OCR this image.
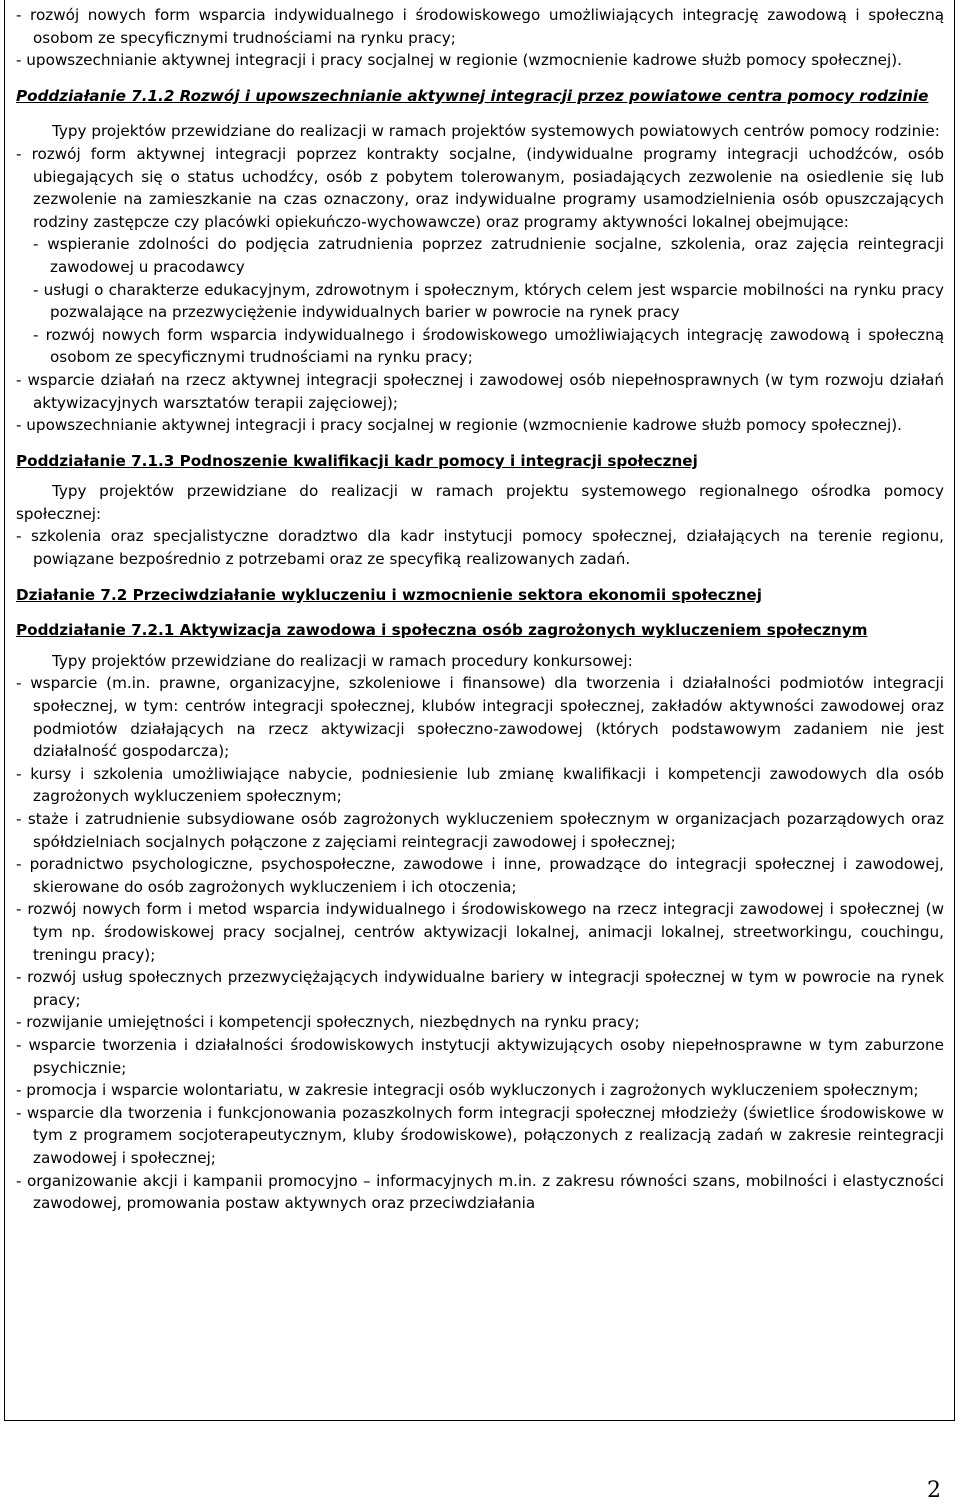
- rozwój nowych form wsparcia indywidualnego i środowiskowego umożliwiających integrację zawodową i społeczną osobom ze specyficznymi trudnościami na rynku pracy;

- upowszechnianie aktywnej integracji i pracy socjalnej w regionie (wzmocnienie kadrowe służb pomocy społecznej).

Poddziałanie 7.1.2 Rozwój i upowszechnianie aktywnej integracji przez powiatowe centra pomocy rodzinie

Typy projektów przewidziane do realizacji w ramach projektów systemowych powiatowych centrów pomocy rodzinie:

- rozwój form aktywnej integracji poprzez kontrakty socjalne, (indywidualne programy integracji uchodźców, osób ubiegających się o status uchodźcy, osób z pobytem tolerowanym, posiadających zezwolenie na osiedlenie się lub zezwolenie na zamieszkanie na czas oznaczony, oraz indywidualne programy usamodzielnienia osób opuszczających rodziny zastępcze czy placówki opiekuńczo-wychowawcze) oraz programy aktywności lokalnej obejmujące:

- wspieranie zdolności do podjęcia zatrudnienia poprzez zatrudnienie socjalne, szkolenia, oraz zajęcia reintegracji zawodowej u pracodawcy

- usługi o charakterze edukacyjnym, zdrowotnym i społecznym, których celem jest wsparcie mobilności na rynku pracy pozwalające na przezwyciężenie indywidualnych barier w powrocie na rynek pracy

- rozwój nowych form wsparcia indywidualnego i środowiskowego umożliwiających integrację zawodową i społeczną osobom ze specyficznymi trudnościami na rynku pracy;

- wsparcie działań na rzecz aktywnej integracji społecznej i zawodowej osób niepełnosprawnych (w tym rozwoju działań aktywizacyjnych warsztatów terapii zajęciowej);

- upowszechnianie aktywnej integracji i pracy socjalnej w regionie (wzmocnienie kadrowe służb pomocy społecznej).

Poddziałanie 7.1.3 Podnoszenie kwalifikacji kadr pomocy i integracji społecznej

Typy projektów przewidziane do realizacji w ramach projektu systemowego regionalnego ośrodka pomocy społecznej:

- szkolenia oraz specjalistyczne doradztwo dla kadr instytucji pomocy społecznej, działających na terenie regionu, powiązane bezpośrednio z potrzebami oraz ze specyfiką realizowanych zadań.

Działanie 7.2 Przeciwdziałanie wykluczeniu i wzmocnienie sektora ekonomii społecznej

Poddziałanie 7.2.1 Aktywizacja zawodowa i społeczna osób zagrożonych wykluczeniem społecznym

Typy projektów przewidziane do realizacji w ramach procedury konkursowej:

- wsparcie (m.in. prawne, organizacyjne, szkoleniowe i finansowe) dla tworzenia i działalności podmiotów integracji społecznej, w tym: centrów integracji społecznej, klubów integracji społecznej, zakładów aktywności zawodowej oraz podmiotów działających na rzecz aktywizacji społeczno-zawodowej (których podstawowym zadaniem nie jest działalność gospodarcza);

- kursy i szkolenia umożliwiające nabycie, podniesienie lub zmianę kwalifikacji i kompetencji zawodowych dla osób zagrożonych wykluczeniem społecznym;

- staże i zatrudnienie subsydiowane osób zagrożonych wykluczeniem społecznym w organizacjach pozarządowych oraz spółdzielniach socjalnych połączone z zajęciami reintegracji zawodowej i społecznej;

- poradnictwo psychologiczne, psychospołeczne, zawodowe i inne, prowadzące do integracji społecznej i zawodowej, skierowane do osób zagrożonych wykluczeniem i ich otoczenia;

- rozwój nowych form i metod wsparcia indywidualnego i środowiskowego na rzecz integracji zawodowej i społecznej (w tym np. środowiskowej pracy socjalnej, centrów aktywizacji lokalnej, animacji lokalnej, streetworkingu, couchingu, treningu pracy);

- rozwój usług społecznych przezwyciężających indywidualne bariery w integracji społecznej w tym w powrocie na rynek pracy;

- rozwijanie umiejętności i kompetencji społecznych, niezbędnych na rynku pracy;

- wsparcie tworzenia i działalności środowiskowych instytucji aktywizujących osoby niepełnosprawne w tym zaburzone psychicznie;

- promocja i wsparcie wolontariatu, w zakresie integracji osób wykluczonych i zagrożonych wykluczeniem społecznym;

- wsparcie dla tworzenia i funkcjonowania pozaszkolnych form integracji społecznej młodzieży (świetlice środowiskowe w tym z programem socjoterapeutycznym, kluby środowiskowe), połączonych z realizacją zadań w zakresie reintegracji zawodowej i społecznej;

- organizowanie akcji i kampanii promocyjno – informacyjnych m.in. z zakresu równości szans, mobilności i elastyczności zawodowej, promowania postaw aktywnych oraz przeciwdziałania

2
